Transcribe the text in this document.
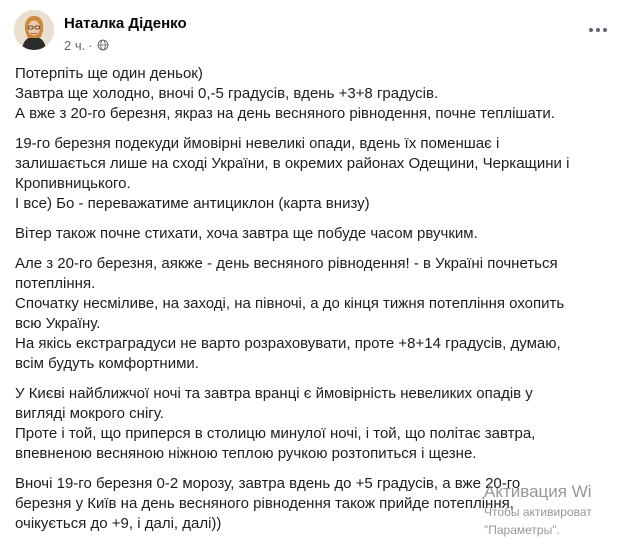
Наталка Діденко
2 ч. ·
Потерпіть ще один деньок)
Завтра ще холодно, вночі 0,-5 градусів, вдень +3+8 градусів.
А вже з 20-го березня, якраз на день весняного рівнодення, почне теплішати.
19-го березня подекуди ймовірні невеликі опади, вдень їх поменшає і
залишається лише на сході України, в окремих районах Одещини, Черкащини і
Кропивницького.
І все) Бо - переважатиме антициклон (карта внизу)
Вітер також почне стихати, хоча завтра ще побуде часом рвучким.
Але з 20-го березня, аякже - день весняного рівнодення! - в Україні почнеться
потепління.
Спочатку несміливе, на заході, на півночі, а до кінця тижня потепління охопить
всю Україну.
На якісь екстраградуси не варто розраховувати, проте +8+14 градусів, думаю,
всім будуть комфортними.
У Києві найближчої ночі та завтра вранці є ймовірність невеликих опадів у
вигляді мокрого снігу.
Проте і той, що приперся в столицю минулої ночі, і той, що політає завтра,
впевненою весняною ніжною теплою ручкою розтопиться і щезне.
Вночі 19-го березня 0-2 морозу, завтра вдень до +5 градусів, а вже 20-го
березня у Київ на день весняного рівнодення також прийде потепління,
очікується до +9, і далі, далі))
Активация Wi
Чтобы активироват
"Параметры".
